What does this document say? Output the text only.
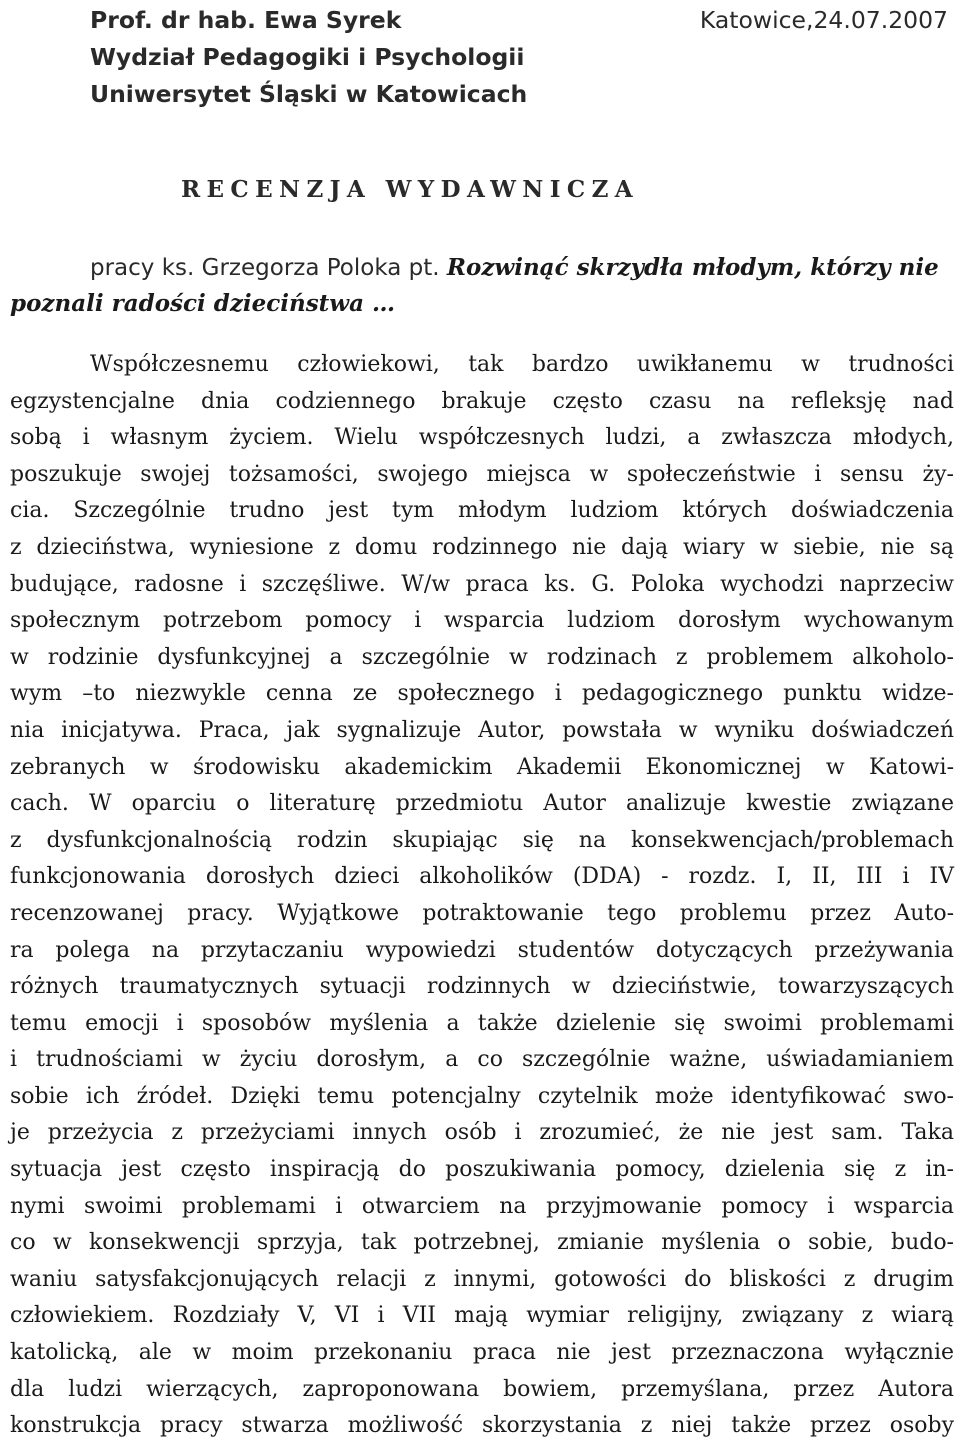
Prof. dr hab. Ewa Syrek
Wydział Pedagogiki i Psychologii
Uniwersytet Śląski w Katowicach
Katowice,24.07.2007
RECENZJA WYDAWNICZA
pracy ks. Grzegorza Poloka pt. Rozwinąć skrzydła młodym, którzy nie
poznali radości dzieciństwa …
Współczesnemu człowiekowi, tak bardzo uwikłanemu w trudności
egzystencjalne dnia codziennego brakuje często czasu na refleksję nad
sobą i własnym życiem. Wielu współczesnych ludzi, a zwłaszcza młodych,
poszukuje swojej tożsamości, swojego miejsca w społeczeństwie i sensu ży-
cia. Szczególnie trudno jest tym młodym ludziom których doświadczenia
z dzieciństwa, wyniesione z domu rodzinnego nie dają wiary w siebie, nie są
budujące, radosne i szczęśliwe. W/w praca ks. G. Poloka wychodzi naprzeciw
społecznym potrzebom pomocy i wsparcia ludziom dorosłym wychowanym
w rodzinie dysfunkcyjnej a szczególnie w rodzinach z problemem alkoholo-
wym –to niezwykle cenna ze społecznego i pedagogicznego punktu widze-
nia inicjatywa. Praca, jak sygnalizuje Autor, powstała w wyniku doświadczeń
zebranych w środowisku akademickim Akademii Ekonomicznej w Katowi-
cach. W oparciu o literaturę przedmiotu Autor analizuje kwestie związane
z dysfunkcjonalnością rodzin skupiając się na konsekwencjach/problemach
funkcjonowania dorosłych dzieci alkoholików (DDA) - rozdz. I, II, III i IV
recenzowanej pracy. Wyjątkowe potraktowanie tego problemu przez Auto-
ra polega na przytaczaniu wypowiedzi studentów dotyczących przeżywania
różnych traumatycznych sytuacji rodzinnych w dzieciństwie, towarzyszących
temu emocji i sposobów myślenia a także dzielenie się swoimi problemami
i trudnościami w życiu dorosłym, a co szczególnie ważne, uświadamianiem
sobie ich źródeł. Dzięki temu potencjalny czytelnik może identyfikować swo-
je przeżycia z przeżyciami innych osób i zrozumieć, że nie jest sam. Taka
sytuacja jest często inspiracją do poszukiwania pomocy, dzielenia się z in-
nymi swoimi problemami i otwarciem na przyjmowanie pomocy i wsparcia
co w konsekwencji sprzyja, tak potrzebnej, zmianie myślenia o sobie, budo-
waniu satysfakcjonujących relacji z innymi, gotowości do bliskości z drugim
człowiekiem. Rozdziały V, VI i VII mają wymiar religijny, związany z wiarą
katolicką, ale w moim przekonaniu praca nie jest przeznaczona wyłącznie
dla ludzi wierzących, zaproponowana bowiem, przemyślana, przez Autora
konstrukcja pracy stwarza możliwość skorzystania z niej także przez osoby
